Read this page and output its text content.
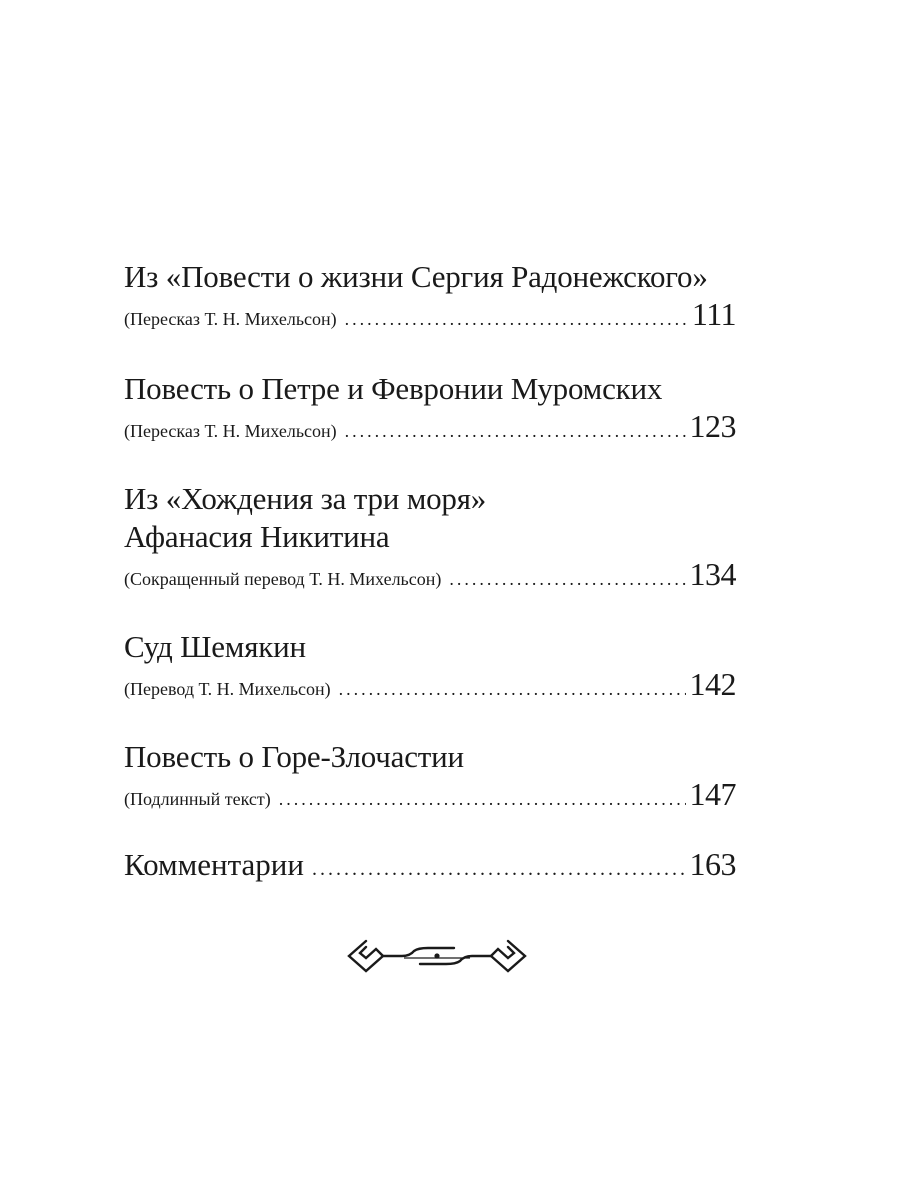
Из «Повести о жизни Сергия Радонежского»
(Пересказ Т. Н. Михельсон) .....	111
Повесть о Петре и Февронии Муромских
(Пересказ Т. Н. Михельсон) .....	123
Из «Хождения за три моря»
Афанасия Никитина
(Сокращенный перевод Т. Н. Михельсон) .....	134
Суд Шемякин
(Перевод Т. Н. Михельсон) .....	142
Повесть о Горе-Злочастии
(Подлинный текст) .....	147
Комментарии .....	163
